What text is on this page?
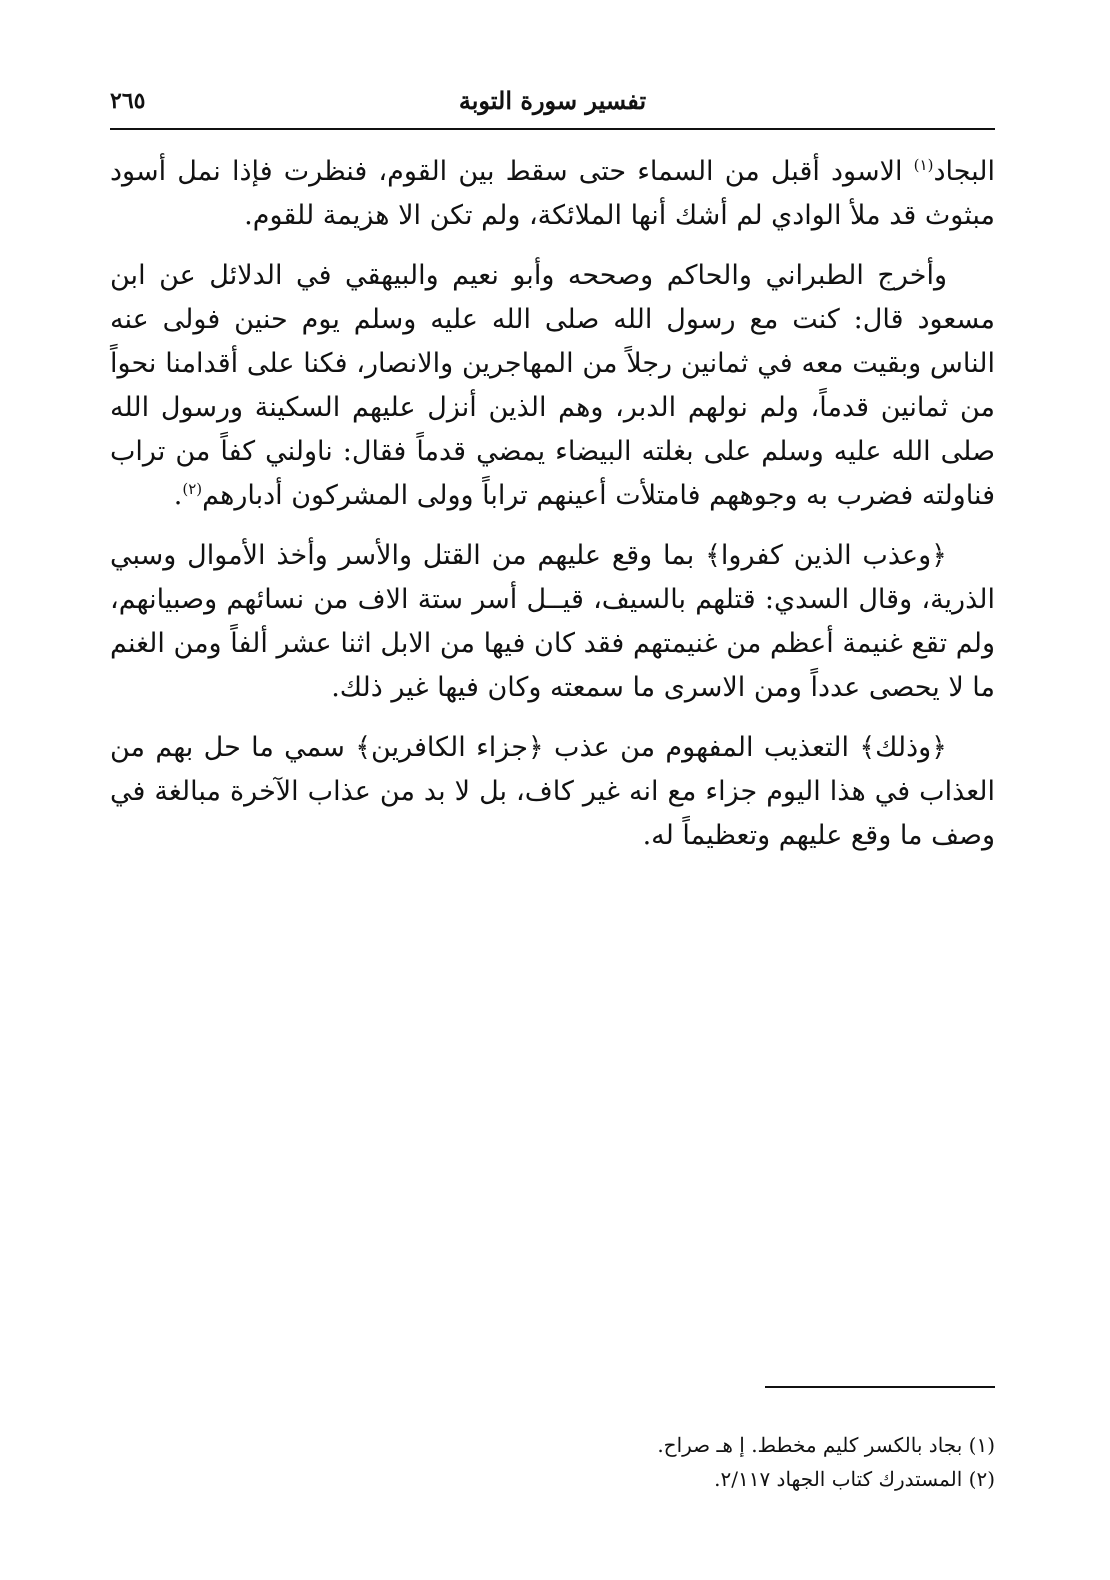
تفسير سورة التوبة
٢٦٥

البجاد$^{(١)}$ الاسود أقبل من السماء حتى سقط بين القوم، فنظرت فإذا نمل أسود مبثوث قد ملأ الوادي لم أشك أنها الملائكة، ولم تكن الا هزيمة للقوم.

وأخرج الطبراني والحاكم وصححه وأبو نعيم والبيهقي في الدلائل عن ابن مسعود قال: كنت مع رسول الله صلى الله عليه وسلم يوم حنين فولى عنه الناس وبقيت معه في ثمانين رجلاً من المهاجرين والانصار، فكنا على أقدامنا نحواً من ثمانين قدماً، ولم نولهم الدبر، وهم الذين أنزل عليهم السكينة ورسول الله صلى الله عليه وسلم على بغلته البيضاء يمضي قدماً فقال: ناولني كفاً من تراب فناولته فضرب به وجوههم فامتلأت أعينهم تراباً وولى المشركون أدبارهم$^{(٢)}$.

﴿وعذب الذين كفروا﴾ بما وقع عليهم من القتل والأسر وأخذ الأموال وسبي الذرية، وقال السدي: قتلهم بالسيف، قيــل أسر ستة الاف من نسائهم وصبيانهم، ولم تقع غنيمة أعظم من غنيمتهم فقد كان فيها من الابل اثنا عشر ألفاً ومن الغنم ما لا يحصى عدداً ومن الاسرى ما سمعته وكان فيها غير ذلك.

﴿وذلك﴾ التعذيب المفهوم من عذب ﴿جزاء الكافرين﴾ سمي ما حل بهم من العذاب في هذا اليوم جزاء مع انه غير كاف، بل لا بد من عذاب الآخرة مبالغة في وصف ما وقع عليهم وتعظيماً له.

(١) بجاد بالكسر كليم مخطط. إ هـ صراح.
(٢) المستدرك كتاب الجهاد ٢/١١٧.
